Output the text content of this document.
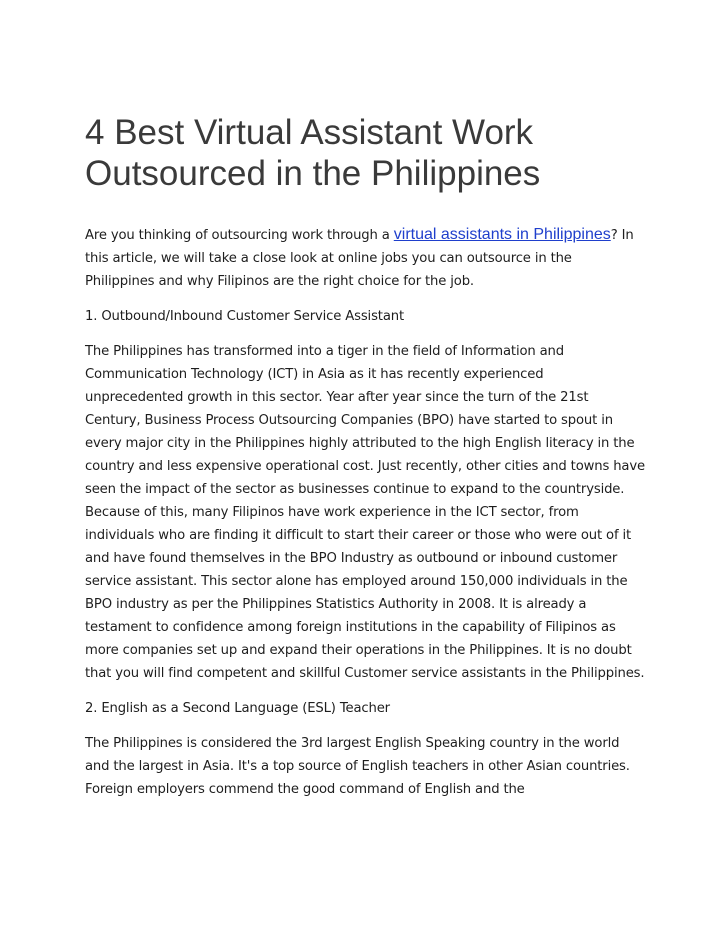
4 Best Virtual Assistant Work Outsourced in the Philippines

Are you thinking of outsourcing work through a virtual assistants in Philippines? In this article, we will take a close look at online jobs you can outsource in the Philippines and why Filipinos are the right choice for the job.

1. Outbound/Inbound Customer Service Assistant

The Philippines has transformed into a tiger in the field of Information and Communication Technology (ICT) in Asia as it has recently experienced unprecedented growth in this sector. Year after year since the turn of the 21st Century, Business Process Outsourcing Companies (BPO) have started to spout in every major city in the Philippines highly attributed to the high English literacy in the country and less expensive operational cost. Just recently, other cities and towns have seen the impact of the sector as businesses continue to expand to the countryside. Because of this, many Filipinos have work experience in the ICT sector, from individuals who are finding it difficult to start their career or those who were out of it and have found themselves in the BPO Industry as outbound or inbound customer service assistant. This sector alone has employed around 150,000 individuals in the BPO industry as per the Philippines Statistics Authority in 2008. It is already a testament to confidence among foreign institutions in the capability of Filipinos as more companies set up and expand their operations in the Philippines. It is no doubt that you will find competent and skillful Customer service assistants in the Philippines.

2. English as a Second Language (ESL) Teacher

The Philippines is considered the 3rd largest English Speaking country in the world and the largest in Asia. It's a top source of English teachers in other Asian countries. Foreign employers commend the good command of English and the
